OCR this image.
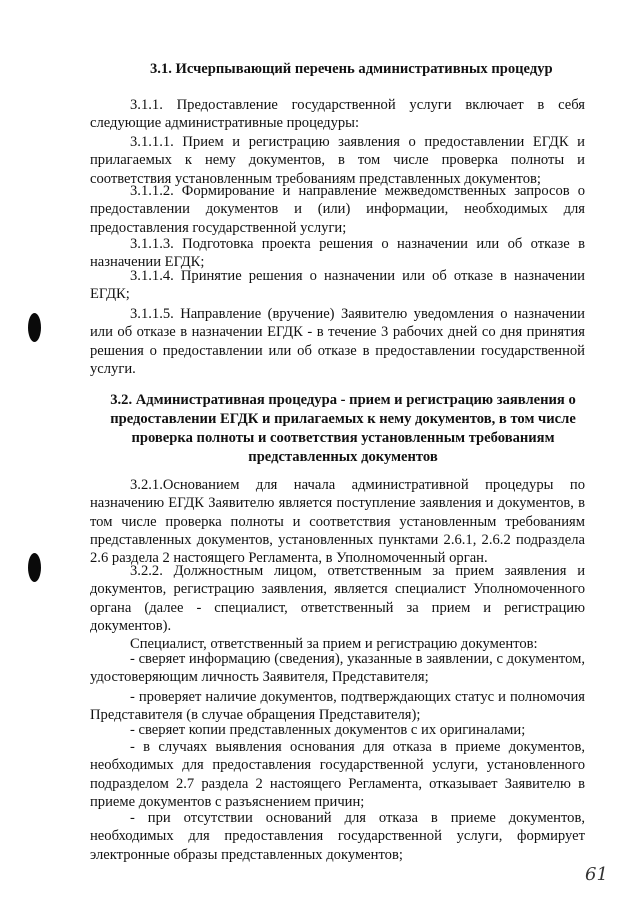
3.1. Исчерпывающий перечень административных процедур

3.1.1. Предоставление государственной услуги включает в себя следующие административные процедуры:

3.1.1.1. Прием и регистрацию заявления о предоставлении ЕГДК и прилагаемых к нему документов, в том числе проверка полноты и соответствия установленным требованиям представленных документов;

3.1.1.2. Формирование и направление межведомственных запросов о предоставлении документов и (или) информации, необходимых для предоставления государственной услуги;

3.1.1.3. Подготовка проекта решения о назначении или об отказе в назначении ЕГДК;

3.1.1.4. Принятие решения о назначении или об отказе в назначении ЕГДК;

3.1.1.5. Направление (вручение) Заявителю уведомления о назначении или об отказе в назначении ЕГДК - в течение 3 рабочих дней со дня принятия решения о предоставлении или об отказе в предоставлении государственной услуги.

3.2. Административная процедура - прием и регистрацию заявления о
предоставлении ЕГДК и прилагаемых к нему документов, в том числе
проверка полноты и соответствия установленным требованиям
представленных документов

3.2.1.Основанием для начала административной процедуры по назначению ЕГДК Заявителю является поступление заявления и документов, в том числе проверка полноты и соответствия установленным требованиям представленных документов, установленных пунктами 2.6.1, 2.6.2 подраздела 2.6 раздела 2 настоящего Регламента, в Уполномоченный орган.

3.2.2. Должностным лицом, ответственным за прием заявления и документов, регистрацию заявления, является специалист Уполномоченного органа (далее - специалист, ответственный за прием и регистрацию документов).

Специалист, ответственный за прием и регистрацию документов:

- сверяет информацию (сведения), указанные в заявлении, с документом, удостоверяющим личность Заявителя, Представителя;

- проверяет наличие документов, подтверждающих статус и полномочия Представителя (в случае обращения Представителя);

- сверяет копии представленных документов с их оригиналами;

- в случаях выявления основания для отказа в приеме документов, необходимых для предоставления государственной услуги, установленного подразделом 2.7 раздела 2 настоящего Регламента, отказывает Заявителю в приеме документов с разъяснением причин;

- при отсутствии оснований для отказа в приеме документов, необходимых для предоставления государственной услуги, формирует электронные образы представленных документов;

61
